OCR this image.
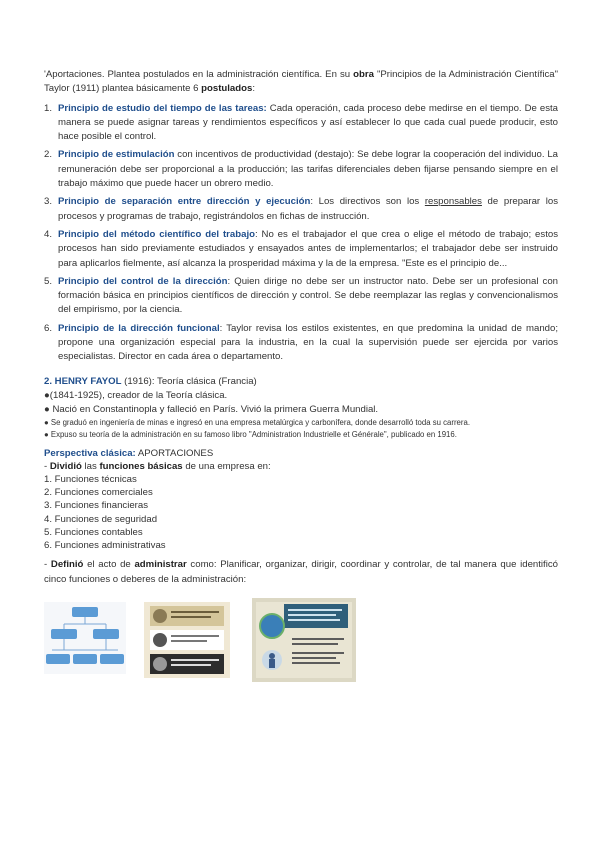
'Aportaciones. Plantea postulados en la administración científica. En su obra "Principios de la Administración Científica" Taylor (1911) plantea básicamente 6 postulados:

1. Principio de estudio del tiempo de las tareas: Cada operación, cada proceso debe medirse en el tiempo. De esta manera se puede asignar tareas y rendimientos específicos y así establecer lo que cada cual puede producir, esto hace posible el control.
2. Principio de estimulación con incentivos de productividad (destajo): Se debe lograr la cooperación del individuo. La remuneración debe ser proporcional a la producción; las tarifas diferenciales deben fijarse pensando siempre en el trabajo máximo que puede hacer un obrero medio.
3. Principio de separación entre dirección y ejecución: Los directivos son los responsables de preparar los procesos y programas de trabajo, registrándolos en fichas de instrucción.
4. Principio del método científico del trabajo: No es el trabajador el que crea o elige el método de trabajo; estos procesos han sido previamente estudiados y ensayados antes de implementarlos; el trabajador debe ser instruido para aplicarlos fielmente, así alcanza la prosperidad máxima y la de la empresa. "Este es el principio de...
5. Principio del control de la dirección: Quien dirige no debe ser un instructor nato. Debe ser un profesional con formación básica en principios científicos de dirección y control. Se debe reemplazar las reglas y convencionalismos del empirismo, por la ciencia.
6. Principio de la dirección funcional: Taylor revisa los estilos existentes, en que predomina la unidad de mando; propone una organización especial para la industria, en la cual la supervisión puede ser ejercida por varios especialistas. Director en cada área o departamento.

2. HENRY FAYOL (1916): Teoría clásica (Francia)

●(1841-1925), creador de la Teoría clásica.

● Nació en Constantinopla y falleció en París. Vivió la primera Guerra Mundial.

● Se graduó en ingeniería de minas e ingresó en una empresa metalúrgica y carbonífera, donde desarrolló toda su carrera.

● Expuso su teoría de la administración en su famoso libro "Administration Industrielle et Générale", publicado en 1916.

Perspectiva clásica: APORTACIONES

- Dividió las funciones básicas de una empresa en:

1. Funciones técnicas

2. Funciones comerciales

3. Funciones financieras

4. Funciones de seguridad

5. Funciones contables

6. Funciones administrativas

- Definió el acto de administrar como: Planificar, organizar, dirigir, coordinar y controlar, de tal manera que identificó cinco funciones o deberes de la administración:
